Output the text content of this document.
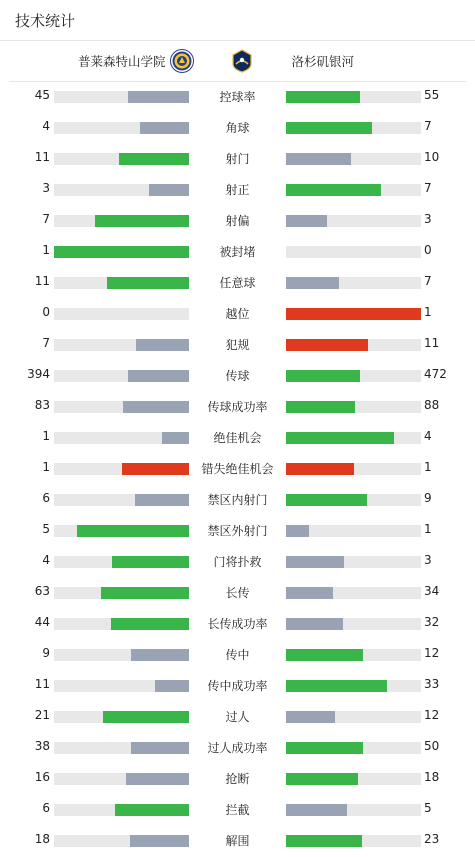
技术统计
普莱森特山学院	洛杉矶银河
45	控球率	55
4	角球	7
11	射门	10
3	射正	7
7	射偏	3
1	被封堵	0
11	任意球	7
0	越位	1
7	犯规	11
394	传球	472
83	传球成功率	88
1	绝佳机会	4
1	错失绝佳机会	1
6	禁区内射门	9
5	禁区外射门	1
4	门将扑救	3
63	长传	34
44	长传成功率	32
9	传中	12
11	传中成功率	33
21	过人	12
38	过人成功率	50
16	抢断	18
6	拦截	5
18	解围	23
